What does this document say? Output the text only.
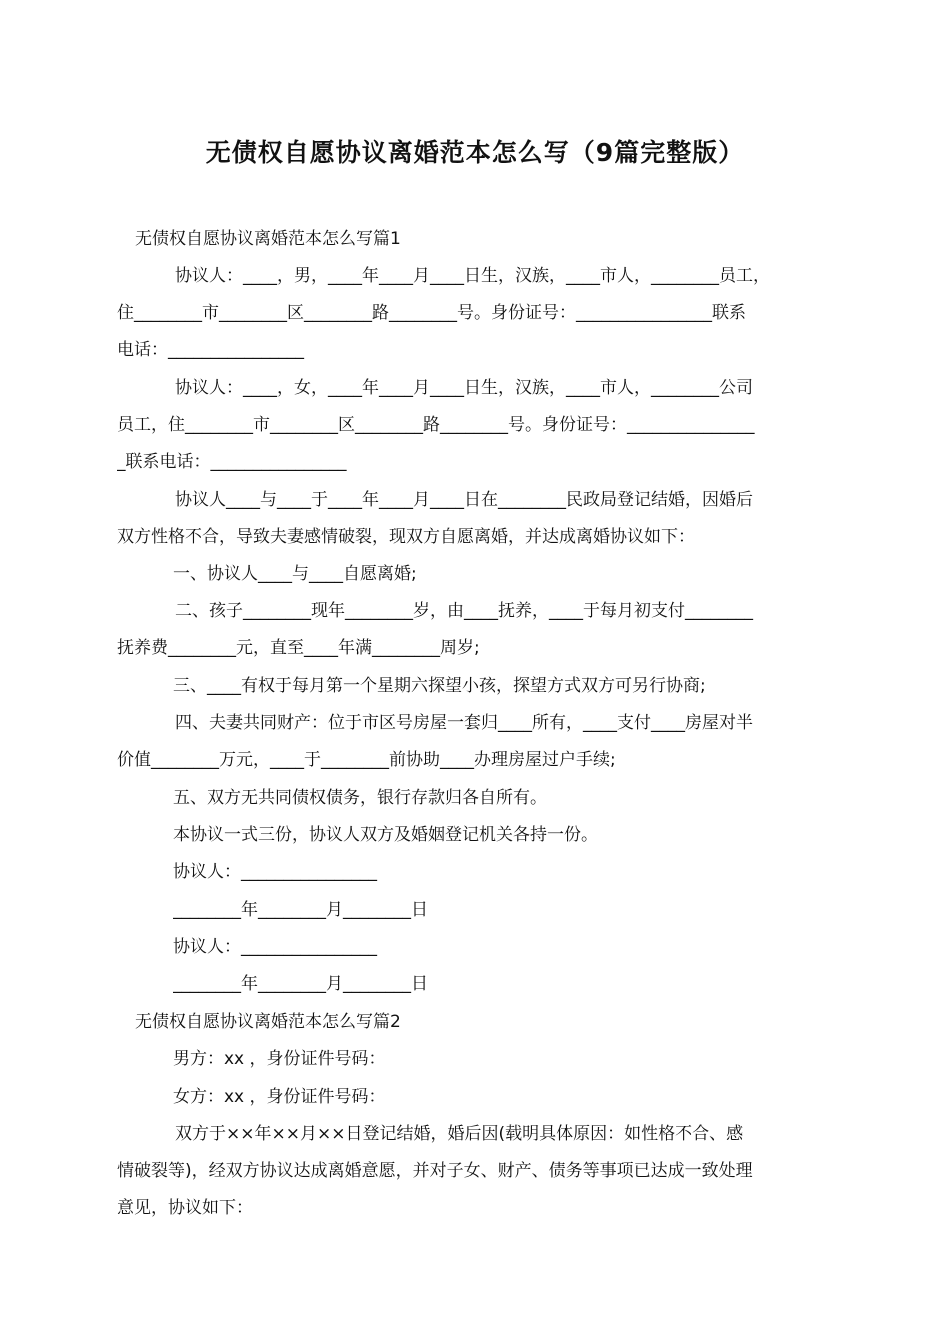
无债权自愿协议离婚范本怎么写（9篇完整版）
无债权自愿协议离婚范本怎么写篇1
协议人：____，男，____年____月____日生，汉族，____市人，________员工，
住________市________区________路________号。身份证号：________________联系
电话：________________
协议人：____，女，____年____月____日生，汉族，____市人，________公司
员工，住________市________区________路________号。身份证号：_______________
_联系电话：________________
协议人____与____于____年____月____日在________民政局登记结婚，因婚后
双方性格不合，导致夫妻感情破裂，现双方自愿离婚，并达成离婚协议如下：
一、协议人____与____自愿离婚;
二、孩子________现年________岁，由____抚养，____于每月初支付________
抚养费________元，直至____年满________周岁;
三、____有权于每月第一个星期六探望小孩，探望方式双方可另行协商;
四、夫妻共同财产：位于市区号房屋一套归____所有，____支付____房屋对半
价值________万元，____于________前协助____办理房屋过户手续;
五、双方无共同债权债务，银行存款归各自所有。
本协议一式三份，协议人双方及婚姻登记机关各持一份。
协议人：________________
________年________月________日
协议人：________________
________年________月________日
无债权自愿协议离婚范本怎么写篇2
男方：xx ，身份证件号码：
女方：xx ，身份证件号码：
双方于××年××月××日登记结婚，婚后因(载明具体原因：如性格不合、感
情破裂等)，经双方协议达成离婚意愿，并对子女、财产、债务等事项已达成一致处理
意见，协议如下：
